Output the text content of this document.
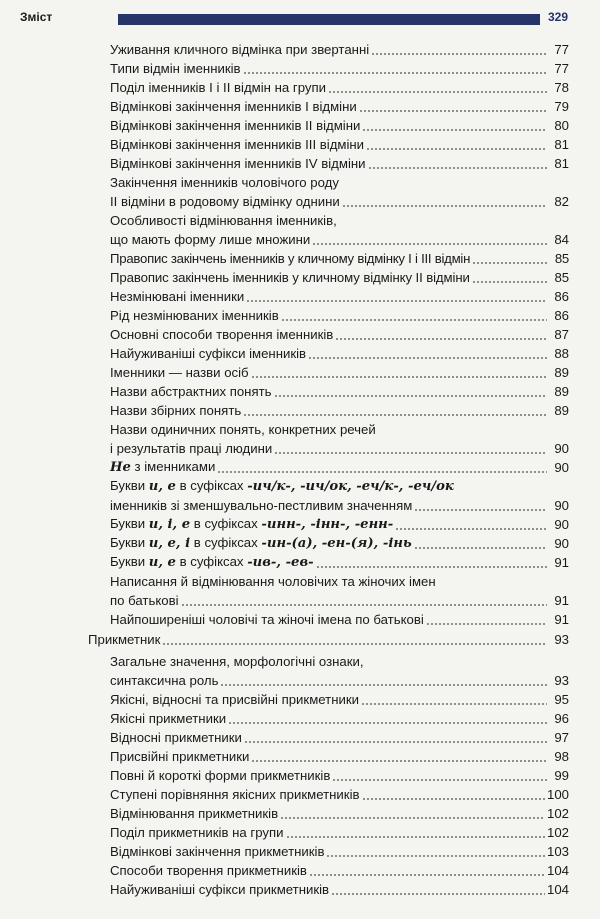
Зміст	329
Уживання кличного відмінка при звертанні	77
Типи відмін іменників	77
Поділ іменників І і ІІ відмін на групи	78
Відмінкові закінчення іменників І відміни	79
Відмінкові закінчення іменників ІІ відміни	80
Відмінкові закінчення іменників ІІІ відміни	81
Відмінкові закінчення іменників IV відміни	81
Закінчення іменників чоловічого роду
ІІ відміни в родовому відмінку однини	82
Особливості відмінювання іменників,
що мають форму лише множини	84
Правопис закінчень іменників у кличному відмінку І і ІІІ відмін	85
Правопис закінчень іменників у кличному відмінку ІІ відміни	85
Незмінювані іменники	86
Рід незмінюваних іменників	86
Основні способи творення іменників	87
Найуживаніші суфікси іменників	88
Іменники — назви осіб	89
Назви абстрактних понять	89
Назви збірних понять	89
Назви одиничних понять, конкретних речей
і результатів праці людини	90
Не з іменниками	90
Букви и, е в суфіксах -ич/к-, -ич/ок, -еч/к-, -еч/ок
іменників зі зменшувально-пестливим значенням	90
Букви и, і, е в суфіксах -инн-, -інн-, -енн-	90
Букви и, е, і в суфіксах -ин-(а), -ен-(я), -інь	90
Букви и, е в суфіксах -ив-, -ев-	91
Написання й відмінювання чоловічих та жіночих імен
по батькові	91
Найпоширеніші чоловічі та жіночі імена по батькові	91
Прикметник	93
Загальне значення, морфологічні ознаки,
синтаксична роль	93
Якісні, відносні та присвійні прикметники	95
Якісні прикметники	96
Відносні прикметники	97
Присвійні прикметники	98
Повні й короткі форми прикметників	99
Ступені порівняння якісних прикметників	100
Відмінювання прикметників	102
Поділ прикметників на групи	102
Відмінкові закінчення прикметників	103
Способи творення прикметників	104
Найуживаніші суфікси прикметників	104
